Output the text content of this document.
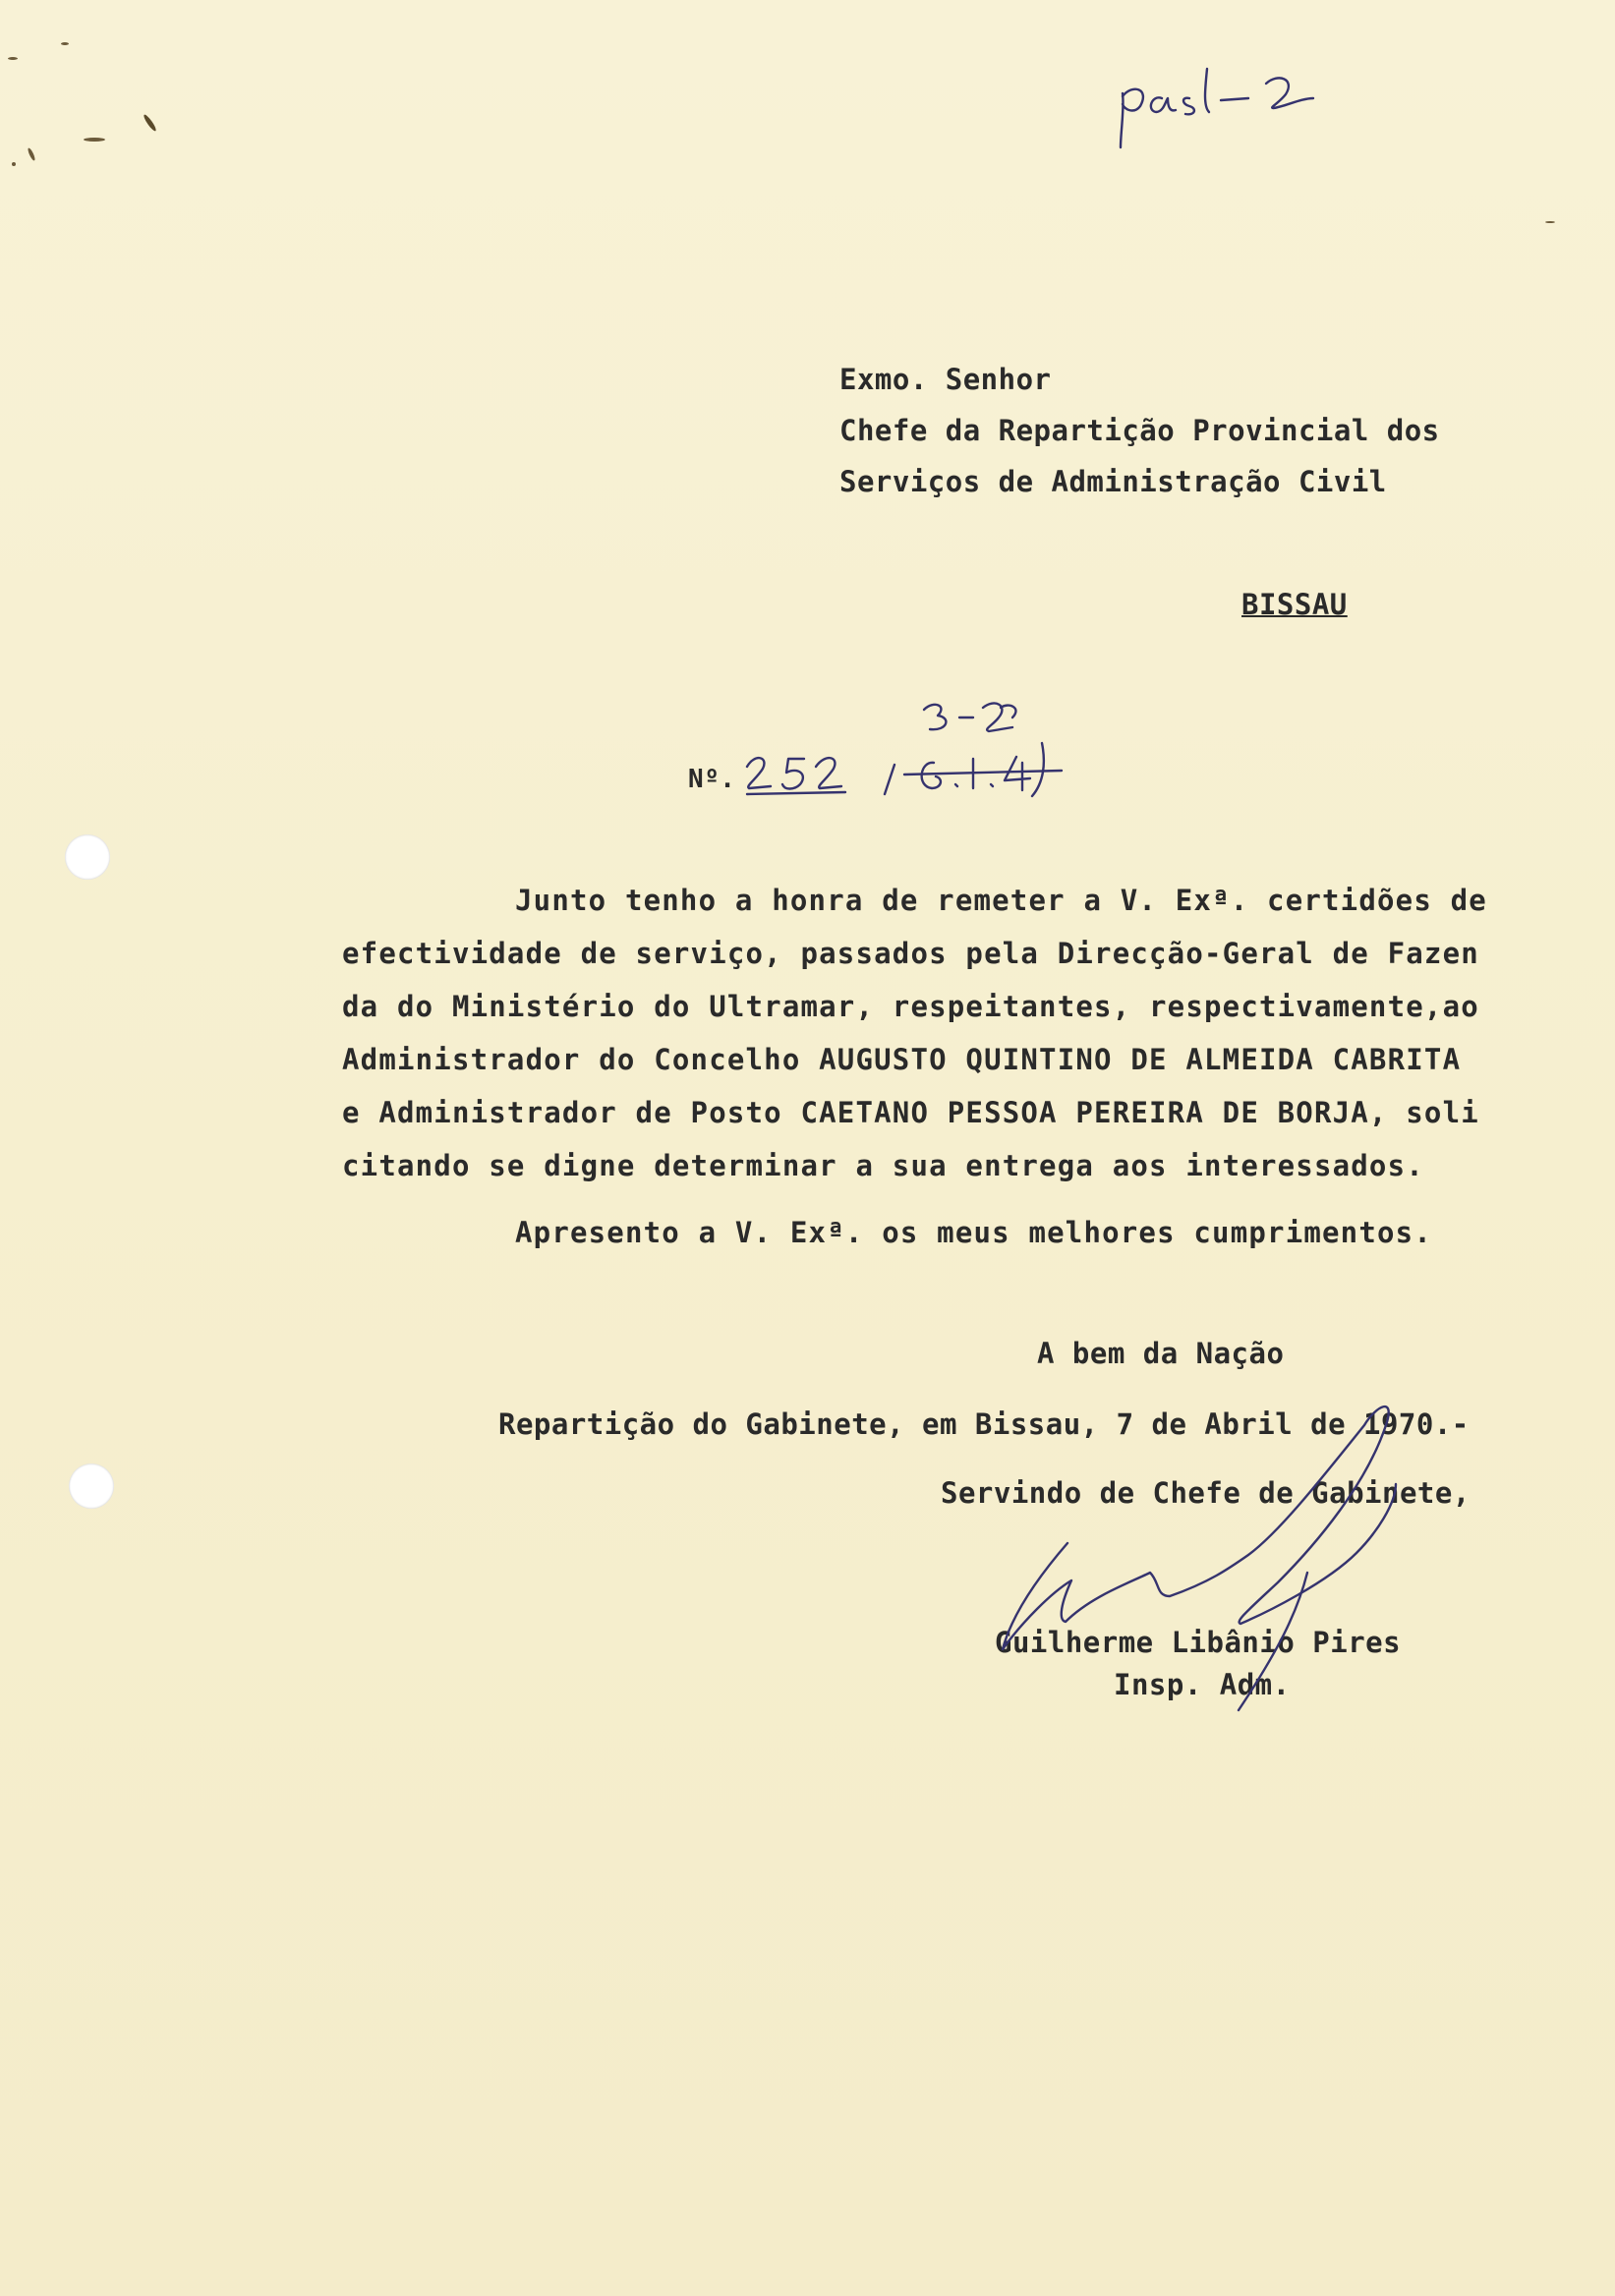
Exmo. Senhor
Chefe da Repartição Provincial dos
Serviços de Administração Civil
BISSAU
Nº.
Junto tenho a honra de remeter a V. Exª. certidões de
efectividade de serviço, passados pela Direcção-Geral de Fazen
da do Ministério do Ultramar, respeitantes, respectivamente,ao
Administrador do Concelho AUGUSTO QUINTINO DE ALMEIDA CABRITA
e Administrador de Posto CAETANO PESSOA PEREIRA DE BORJA, soli
citando se digne determinar a sua entrega aos interessados.
Apresento a V. Exª. os meus melhores cumprimentos.
A bem da Nação
Repartição do Gabinete, em Bissau, 7 de Abril de 1970.-
Servindo de Chefe de Gabinete,
Guilherme Libânio Pires
Insp. Adm.
